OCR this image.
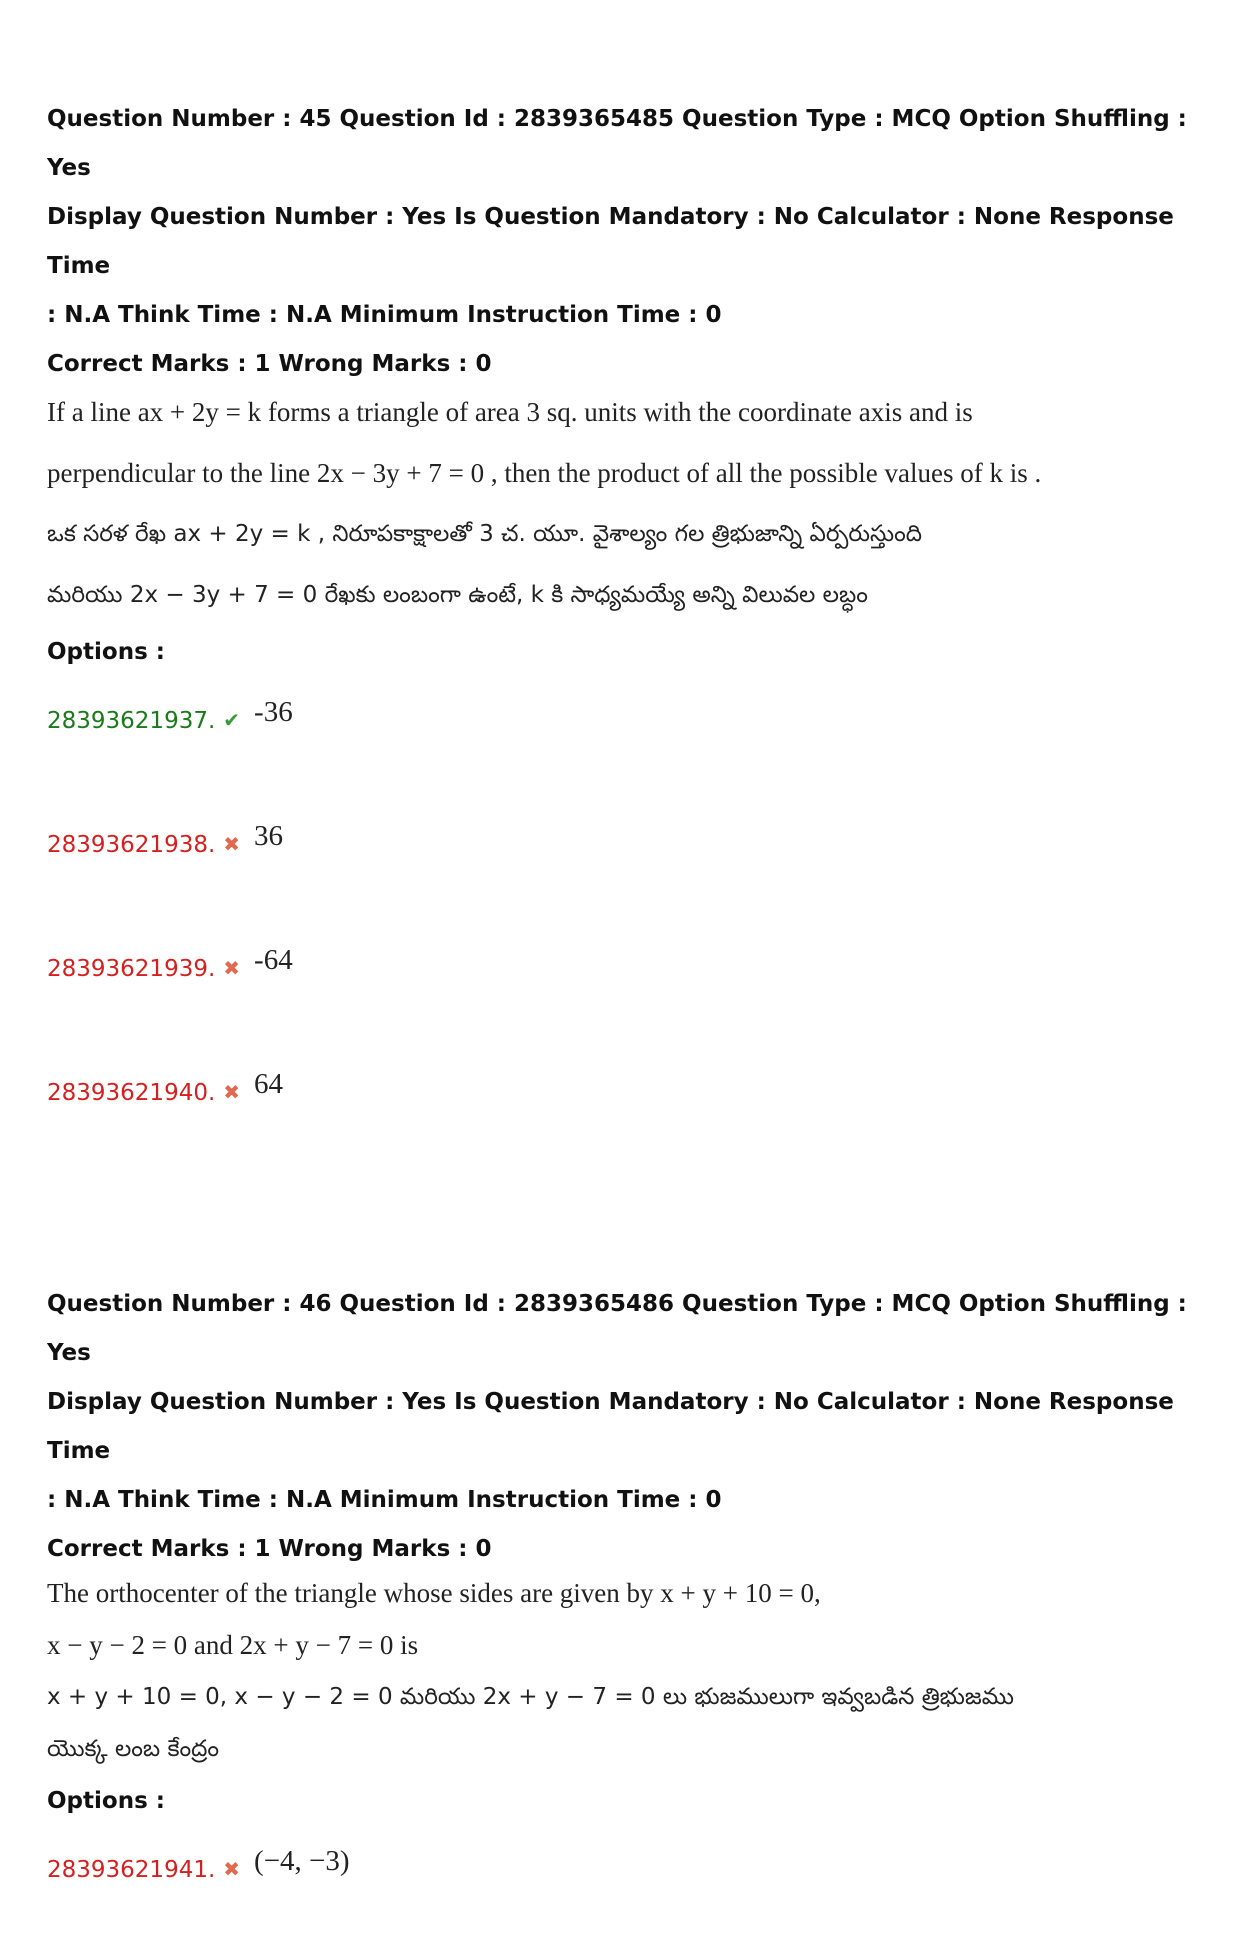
Question Number : 45 Question Id : 2839365485 Question Type : MCQ Option Shuffling : Yes

Display Question Number : Yes Is Question Mandatory : No Calculator : None Response Time

: N.A Think Time : N.A Minimum Instruction Time : 0

Correct Marks : 1 Wrong Marks : 0

If a line ax + 2y = k forms a triangle of area 3 sq. units with the coordinate axis and is

perpendicular to the line 2x − 3y + 7 = 0 , then the product of all the possible values of k is .

ఒక సరళ రేఖ ax + 2y = k , నిరూపకాక్షాలతో 3 చ. యూ. వైశాల్యం గల త్రిభుజాన్ని ఏర్పరుస్తుంది

మరియు 2x − 3y + 7 = 0 రేఖకు లంబంగా ఉంటే, k కి సాధ్యమయ్యే అన్ని విలువల లబ్ధం

Options :

28393621937. ✔ -36
28393621938. ✖ 36
28393621939. ✖ -64
28393621940. ✖ 64

Question Number : 46 Question Id : 2839365486 Question Type : MCQ Option Shuffling : Yes

Display Question Number : Yes Is Question Mandatory : No Calculator : None Response Time

: N.A Think Time : N.A Minimum Instruction Time : 0

Correct Marks : 1 Wrong Marks : 0

The orthocenter of the triangle whose sides are given by x + y + 10 = 0,

x − y − 2 = 0 and 2x + y − 7 = 0 is

x + y + 10 = 0, x − y − 2 = 0 మరియు 2x + y − 7 = 0 లు భుజములుగా ఇవ్వబడిన త్రిభుజము

యొక్క లంబ కేంద్రం

Options :

28393621941. ✖ (−4, −3)
